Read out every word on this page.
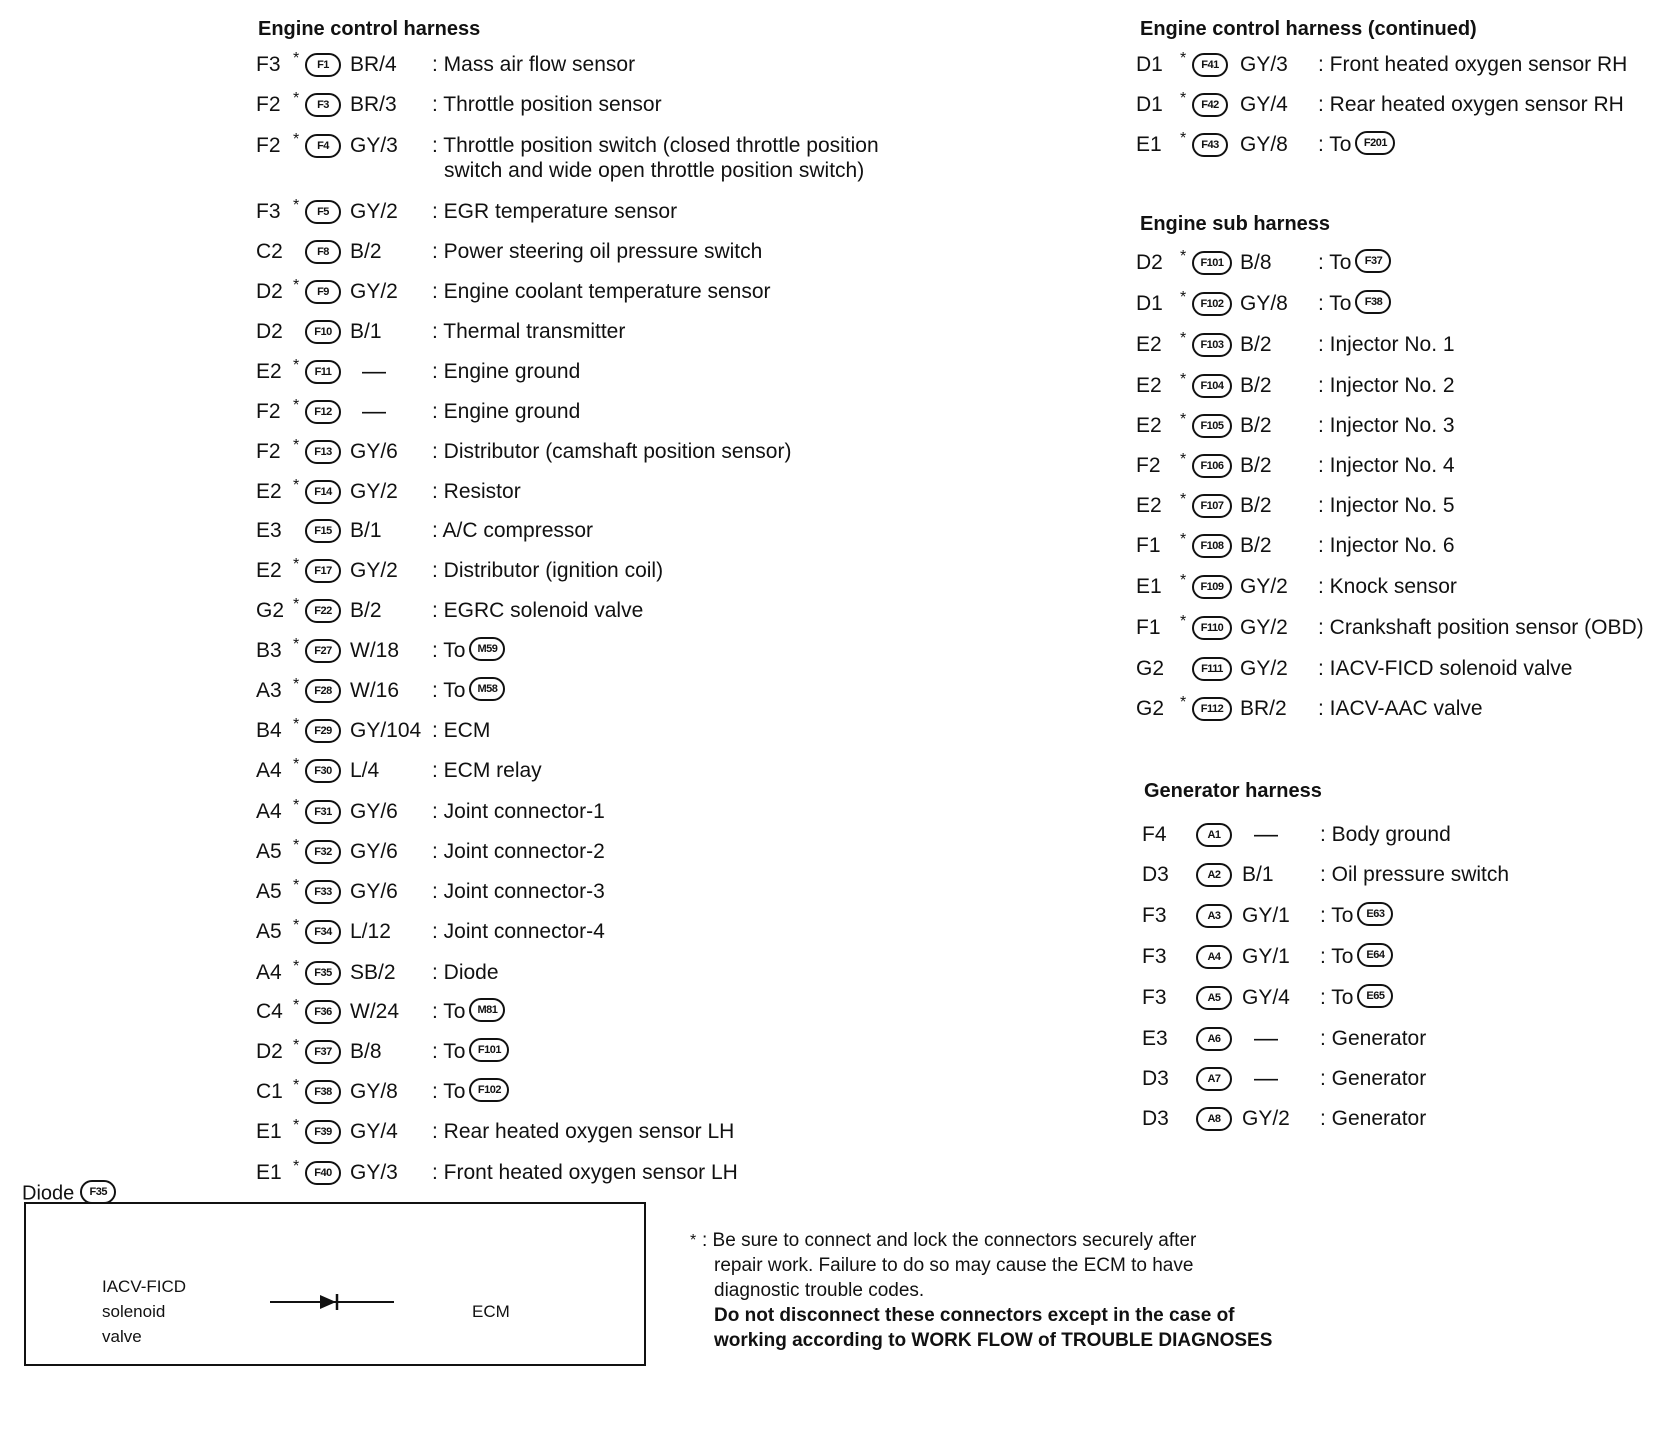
Engine control harness
F3 *	F1	BR/4 : Mass air flow sensor
F2 *	F3	BR/3 : Throttle position sensor
F2 *	F4	GY/3 : Throttle position switch (closed throttle position
switch and wide open throttle position switch)
F3 *	F5	GY/2 : EGR temperature sensor
C2	F8	B/2 : Power steering oil pressure switch
D2 *	F9	GY/2 : Engine coolant temperature sensor
D2	F10 B/1 : Thermal transmitter
E2 *	F11	— : Engine ground
F2 *	F12	— : Engine ground
F2 *	F13 GY/6 : Distributor (camshaft position sensor)
E2 *	F14 GY/2 : Resistor
E3	F15 B/1 : A/C compressor
E2 *	F17 GY/2 : Distributor (ignition coil)
G2 *	F22 B/2 : EGRC solenoid valve
B3 *	F27 W/18 : To M59
A3 *	F28 W/16 : To M58
B4 *	F29 GY/104 : ECM
A4 *	F30 L/4	: ECM relay
A4 *	F31 GY/6 : Joint connector-1
A5 *	F32 GY/6 : Joint connector-2
A5 *	F33 GY/6 : Joint connector-3
A5 *	F34 L/12 : Joint connector-4
A4 *	F35 SB/2 : Diode
C4 *	F36 W/24 : To M81
D2 *	F37 B/8 : To F101
C1 *	F38 GY/8 : To F102
E1 *	F39 GY/4 : Rear heated oxygen sensor LH
E1 *	F40 GY/3 : Front heated oxygen sensor LH
Engine control harness (continued)
D1	*	F41	GY/3 : Front heated oxygen sensor RH
D1	*	F42	GY/4 : Rear heated oxygen sensor RH
E1	*	F43	GY/8 : To F201
Engine sub harness
D2	*	F101 B/8 : To F37
D1	*	F102 GY/8 : To F38
E2	*	F103 B/2 : Injector No. 1
E2	*	F104 B/2 : Injector No. 2
E2	*	F105 B/2 : Injector No. 3
F2	*	F106 B/2 : Injector No. 4
E2	*	F107 B/2 : Injector No. 5
F1	*	F108 B/2 : Injector No. 6
E1	*	F109 GY/2 : Knock sensor
F1	*	F110 GY/2 : Crankshaft position sensor (OBD)
G2	F111 GY/2 : IACV-FICD solenoid valve
G2 *	F112 BR/2 : IACV-AAC valve
Generator harness
F4	A1	— : Body ground
D3	A2	B/1 : Oil pressure switch
F3	A3	GY/1 : To E63
F3	A4	GY/1 : To E64
F3	A5	GY/4 : To E65
E3	A6	— : Generator
D3	A7	— : Generator
D3	A8	GY/2 : Generator
Diode F35
IACV-FICD
solenoid
valve
ECM
* : Be sure to connect and lock the connectors securely after
repair work. Failure to do so may cause the ECM to have
diagnostic trouble codes.
Do not disconnect these connectors except in the case of
working according to WORK FLOW of TROUBLE DIAGNOSES
